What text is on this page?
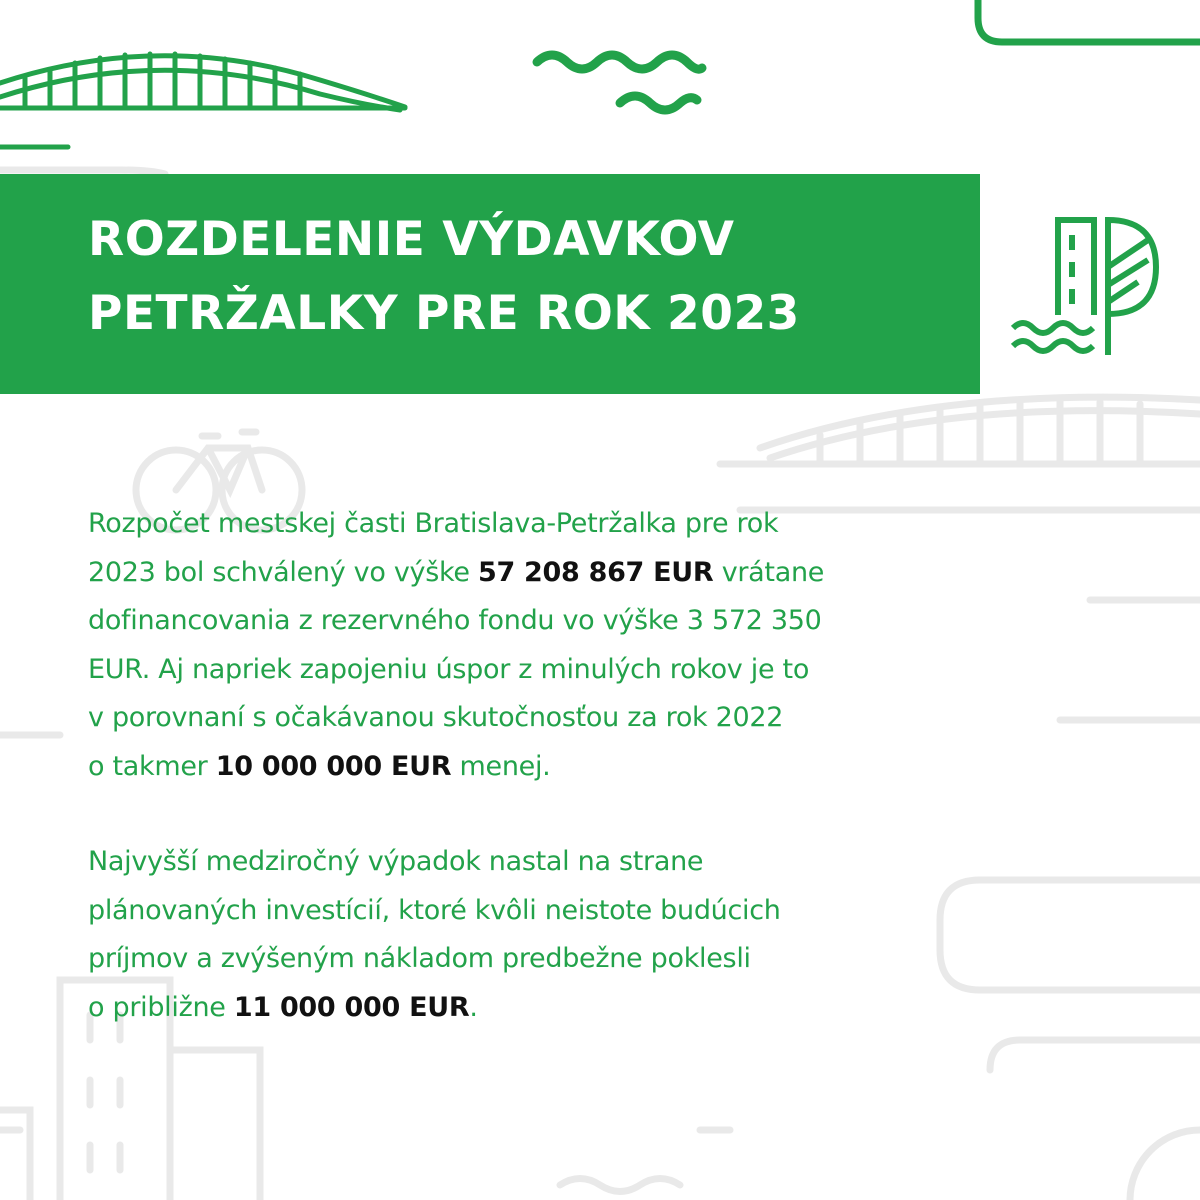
ROZDELENIE VÝDAVKOV
PETRŽALKY PRE ROK 2023

Rozpočet mestskej časti Bratislava-Petržalka pre rok
2023 bol schválený vo výške 57 208 867 EUR vrátane
dofinancovania z rezervného fondu vo výške 3 572 350
EUR. Aj napriek zapojeniu úspor z minulých rokov je to
v porovnaní s očakávanou skutočnosťou za rok 2022
o takmer 10 000 000 EUR menej.

Najvyšší medziročný výpadok nastal na strane
plánovaných investícií, ktoré kvôli neistote budúcich
príjmov a zvýšeným nákladom predbežne poklesli
o približne 11 000 000 EUR.
